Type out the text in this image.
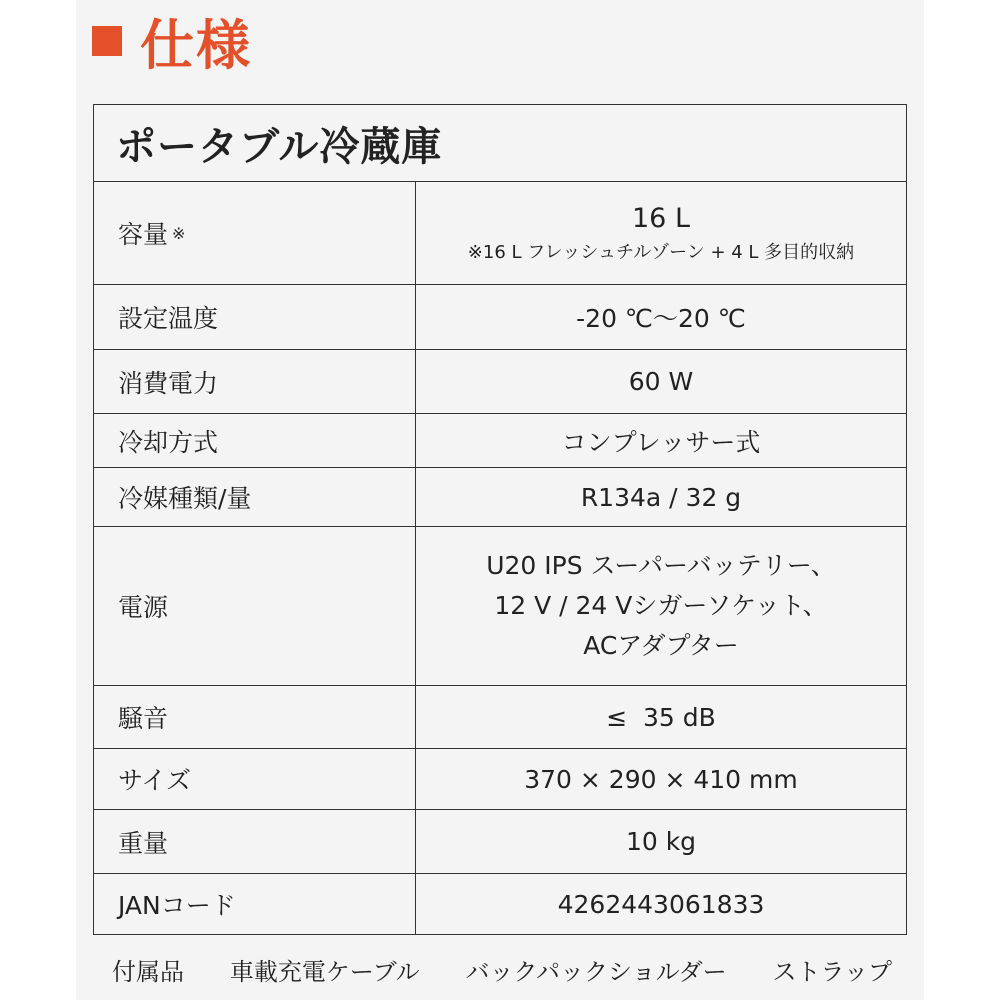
仕様
ポータブル冷蔵庫	
容量 ※	16 L
※16 L フレッシュチルゾーン + 4 L 多目的収納

設定温度	-20 ℃～20 ℃
消費電力	60 W
冷却方式	コンプレッサー式
冷媒種類/量	R134a / 32 g
電源	U20 IPS スーパーバッテリー、
12 V / 24 Vシガーソケット、
ACアダプター

騒音	≤  35 dB
サイズ	370 × 290 × 410 mm
重量	10 kg
JANコード	4262443061833
付属品 車載充電ケーブル バックパックショルダー ストラップ
